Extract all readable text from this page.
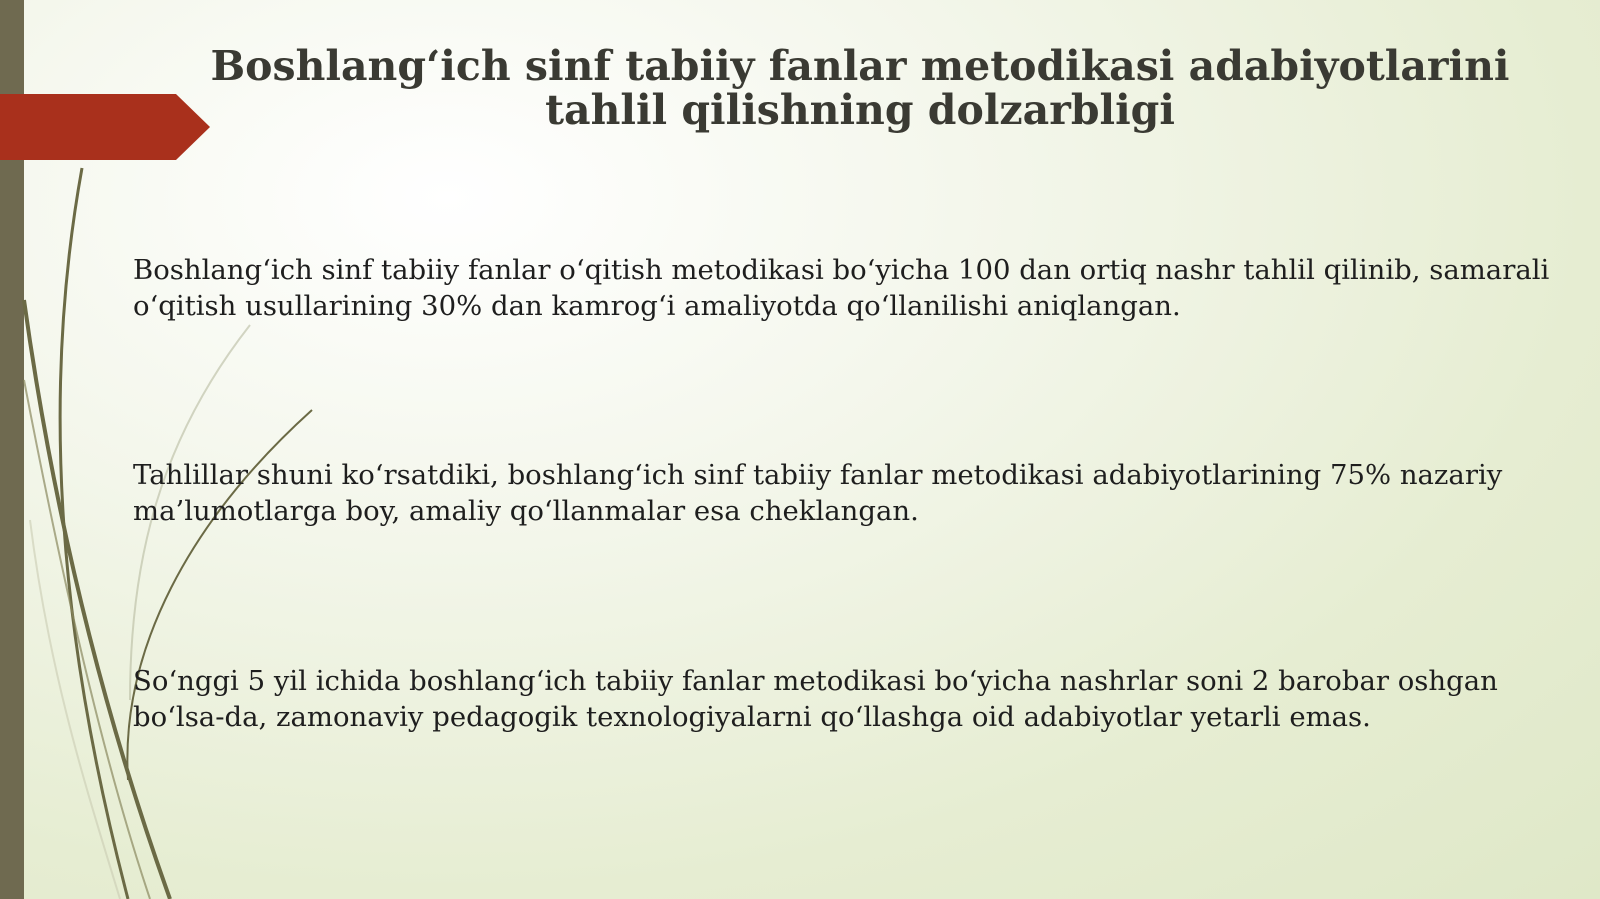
Boshlang‘ich sinf tabiiy fanlar metodikasi adabiyotlarini tahlil qilishning dolzarbligi

Boshlang‘ich sinf tabiiy fanlar o‘qitish metodikasi bo‘yicha 100 dan ortiq nashr tahlil qilinib, samarali o‘qitish usullarining 30% dan kamrog‘i amaliyotda qo‘llanilishi aniqlangan.

Tahlillar shuni ko‘rsatdiki, boshlang‘ich sinf tabiiy fanlar metodikasi adabiyotlarining 75% nazariy ma’lumotlarga boy, amaliy qo‘llanmalar esa cheklangan.

So‘nggi 5 yil ichida boshlang‘ich tabiiy fanlar metodikasi bo‘yicha nashrlar soni 2 barobar oshgan bo‘lsa-da, zamonaviy pedagogik texnologiyalarni qo‘llashga oid adabiyotlar yetarli emas.
